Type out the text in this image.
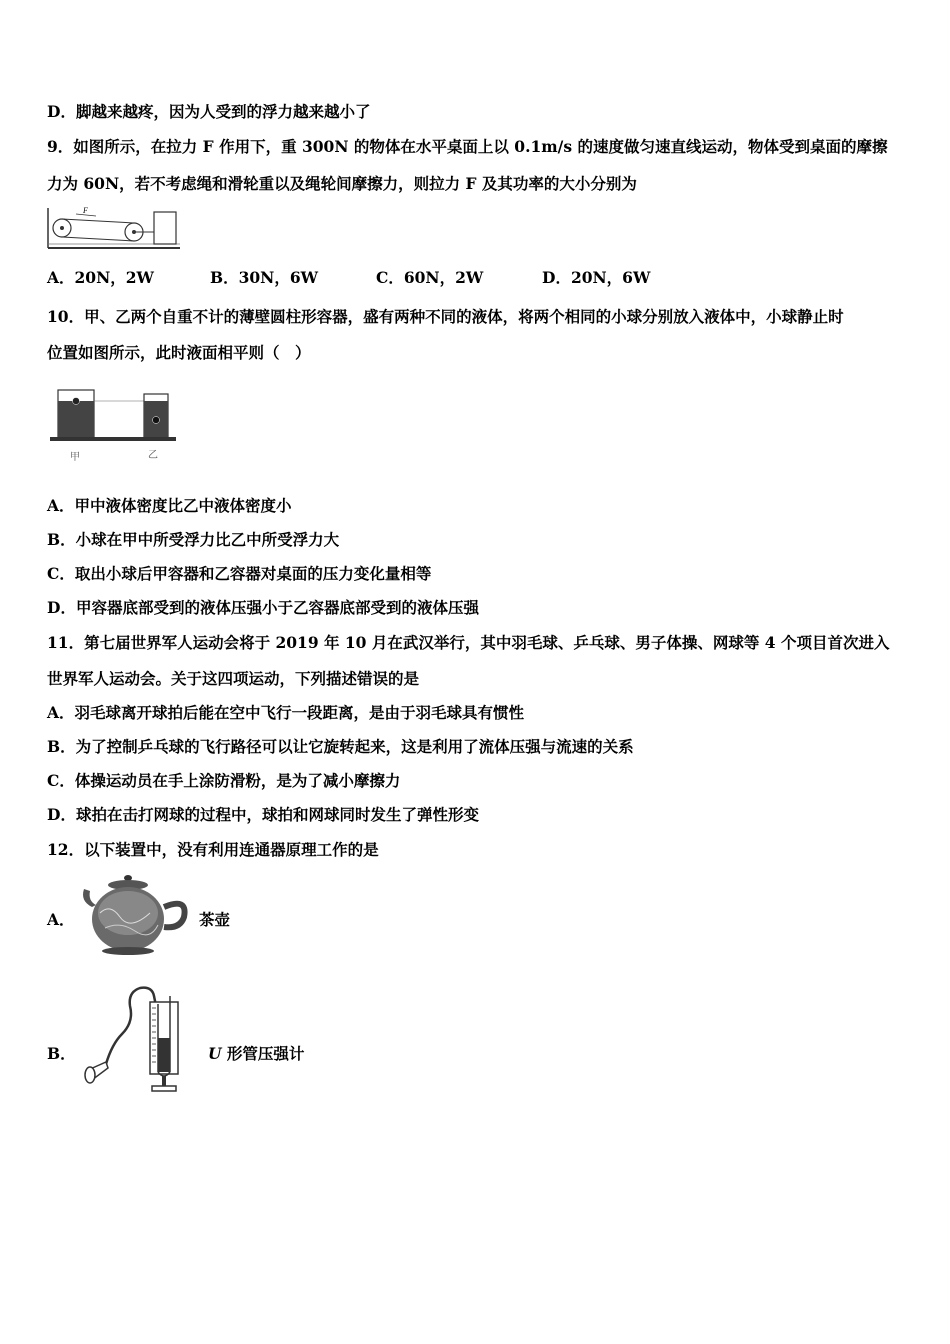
D．脚越来越疼，因为人受到的浮力越来越小了
9．如图所示，在拉力 F 作用下，重 300N 的物体在水平桌面上以 0.1m/s 的速度做匀速直线运动，物体受到桌面的摩擦
力为 60N，若不考虑绳和滑轮重以及绳轮间摩擦力，则拉力 F 及其功率的大小分别为
F
A．20N，2W	B．30N，6W	C．60N，2W	D．20N，6W
10．甲、乙两个自重不计的薄壁圆柱形容器，盛有两种不同的液体，将两个相同的小球分别放入液体中，小球静止时
位置如图所示，此时液面相平则（　）
甲	乙
A．甲中液体密度比乙中液体密度小
B．小球在甲中所受浮力比乙中所受浮力大
C．取出小球后甲容器和乙容器对桌面的压力变化量相等
D．甲容器底部受到的液体压强小于乙容器底部受到的液体压强
11．第七届世界军人运动会将于 2019 年 10 月在武汉举行，其中羽毛球、乒乓球、男子体操、网球等 4 个项目首次进入
世界军人运动会。关于这四项运动，下列描述错误的是
A．羽毛球离开球拍后能在空中飞行一段距离，是由于羽毛球具有惯性
B．为了控制乒乓球的飞行路径可以让它旋转起来，这是利用了流体压强与流速的关系
C．体操运动员在手上涂防滑粉，是为了减小摩擦力
D．球拍在击打网球的过程中，球拍和网球同时发生了弹性形变
12．以下装置中，没有利用连通器原理工作的是
A．	茶壶
B．	U 形管压强计
